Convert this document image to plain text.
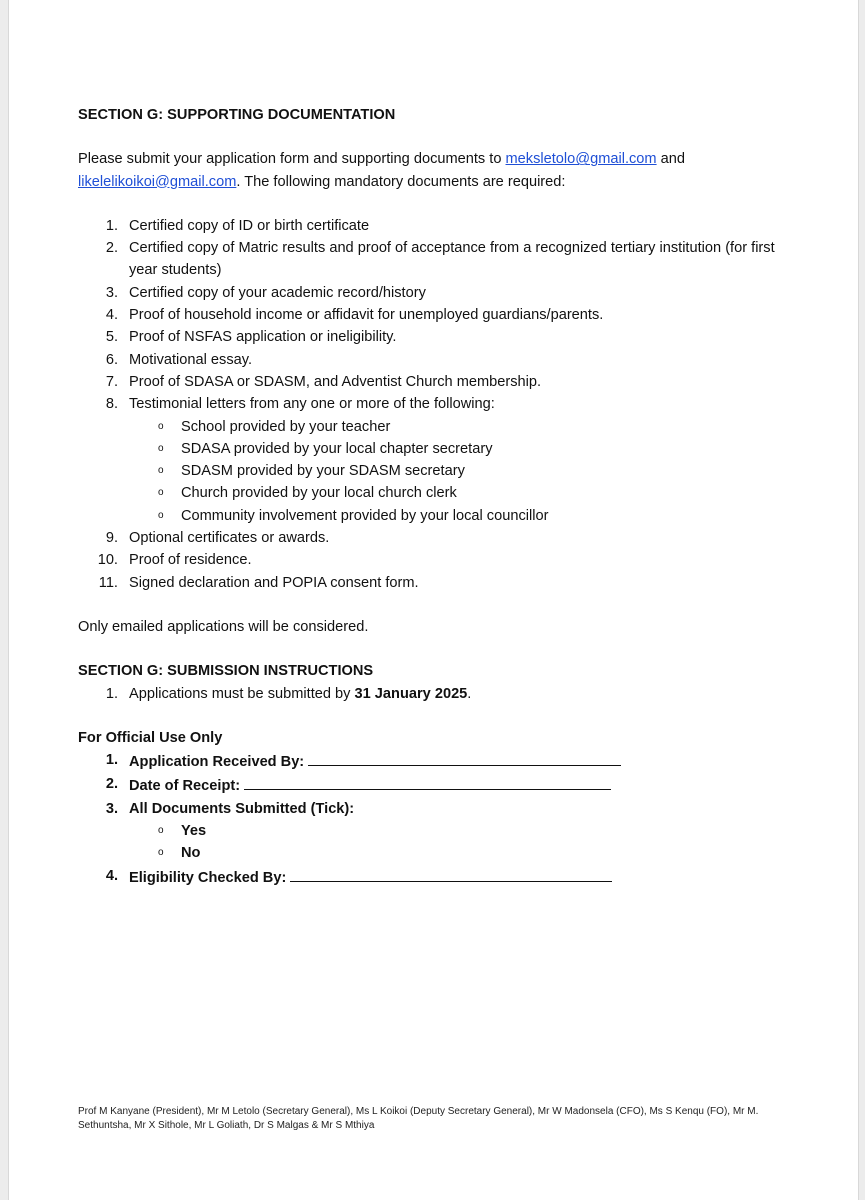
SECTION G: SUPPORTING DOCUMENTATION

Please submit your application form and supporting documents to meksletolo@gmail.com and
likelelikoikoi@gmail.com. The following mandatory documents are required:

1. Certified copy of ID or birth certificate
2. Certified copy of Matric results and proof of acceptance from a recognized tertiary institution (for first year students)
3. Certified copy of your academic record/history
4. Proof of household income or affidavit for unemployed guardians/parents.
5. Proof of NSFAS application or ineligibility.
6. Motivational essay.
7. Proof of SDASA or SDASM, and Adventist Church membership.
8. Testimonial letters from any one or more of the following:
o School provided by your teacher
o SDASA provided by your local chapter secretary
o SDASM provided by your SDASM secretary
o Church provided by your local church clerk
o Community involvement provided by your local councillor
9. Optional certificates or awards.
10. Proof of residence.
11. Signed declaration and POPIA consent form.

Only emailed applications will be considered.

SECTION G: SUBMISSION INSTRUCTIONS

1. Applications must be submitted by 31 January 2025.

For Official Use Only

1. Application Received By:
2. Date of Receipt:
3. All Documents Submitted (Tick):
o Yes
o No
4. Eligibility Checked By:
Prof M Kanyane (President), Mr M Letolo (Secretary General), Ms L Koikoi (Deputy Secretary General), Mr W Madonsela (CFO), Ms S Kenqu (FO), Mr M. Sethuntsha, Mr X Sithole, Mr L Goliath, Dr S Malgas & Mr S Mthiya
